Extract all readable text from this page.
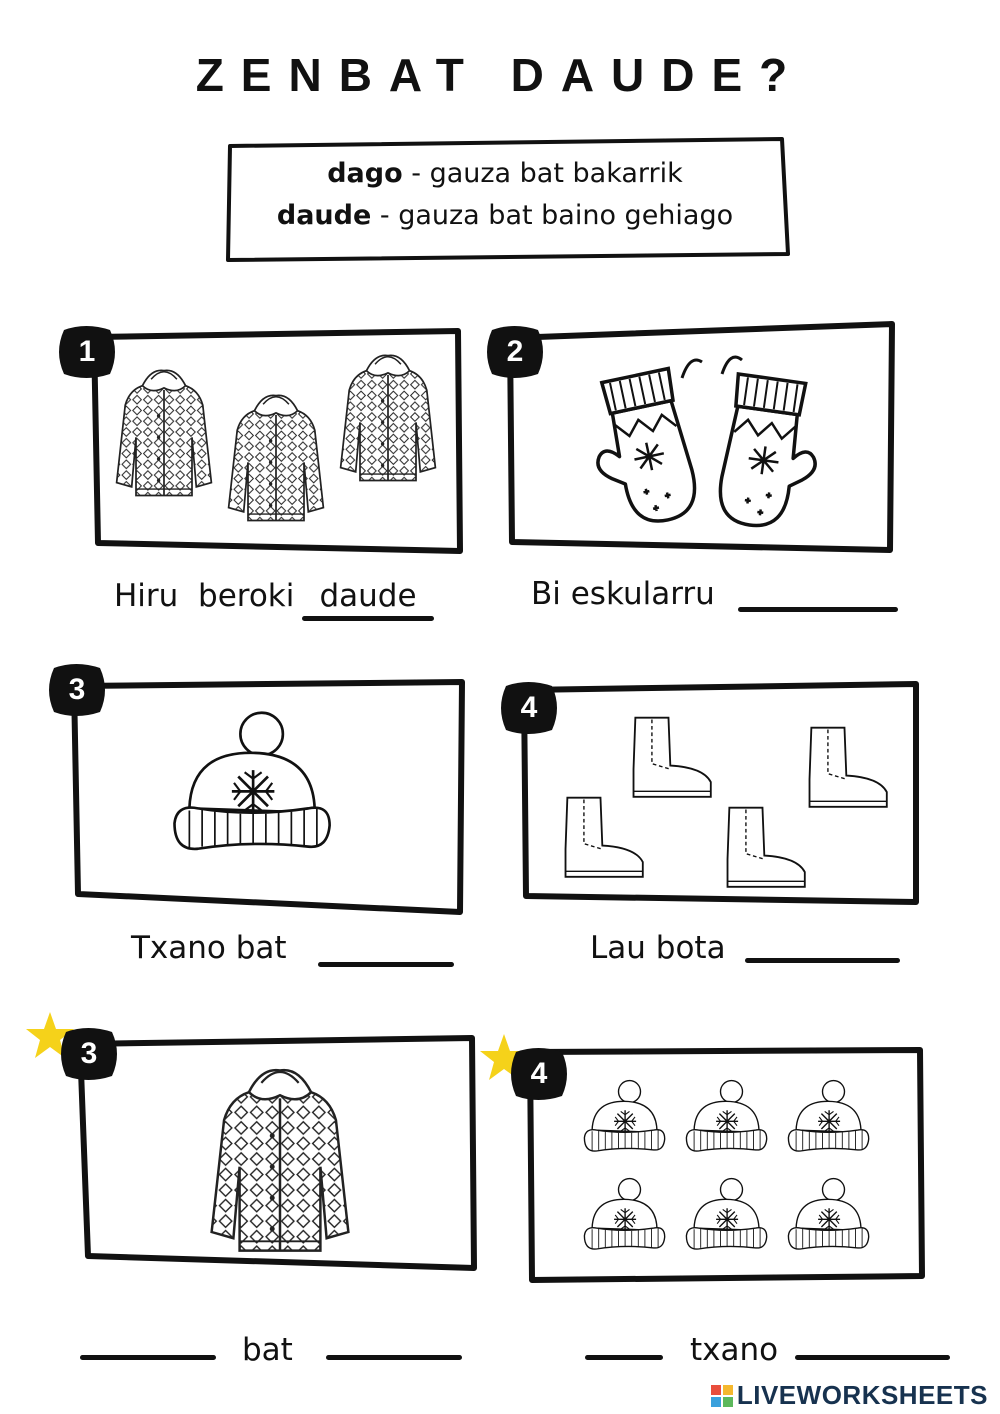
ZENBAT DAUDE?
dago - gauza bat bakarrik
daude - gauza bat baino gehiago
1
Hiru  beroki daude
2
Bi eskularru
3
Txano bat
4
Lau bota
3
bat
4
txano
LIVEWORKSHEETS
